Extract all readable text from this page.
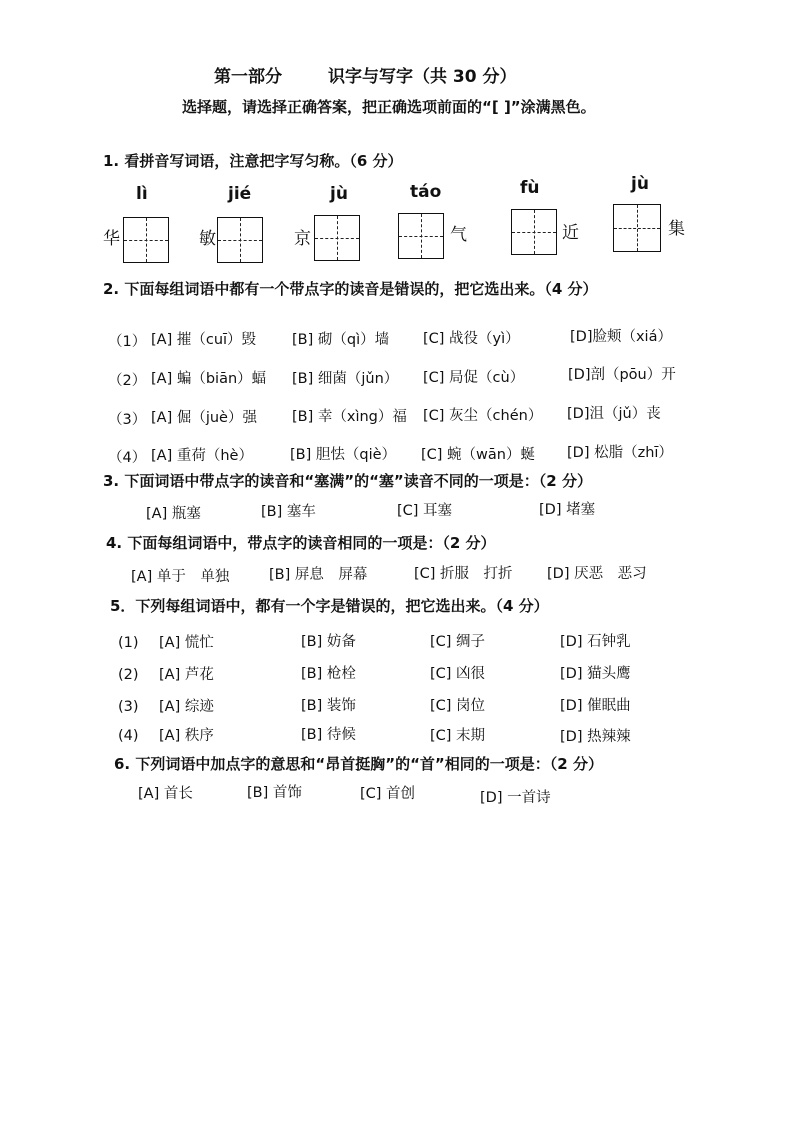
第一部分	识字与写字（共 30 分）
选择题，请选择正确答案，把正确选项前面的“[ ]”涂满黑色。
1. 看拼音写词语，注意把字写匀称。（6 分）
lì	jié	jù	táo	fù	jù
华	敏	京	气	近	集
2. 下面每组词语中都有一个带点字的读音是错误的，把它选出来。（4 分）
（1） [A] 摧（cuī）毁 [B] 砌（qì）墙 [C] 战役（yì）	[D]脸颊（xiá）
（2） [A] 蝙（biān）蝠 [B] 细菌（jǔn） [C] 局促（cù）	[D]剖（pōu）开
（3） [A] 倔（juè）强 [B] 幸（xìng）福 [C] 灰尘（chén） [D]沮（jǔ）丧
（4） [A] 重荷（hè）	[B] 胆怯（qiè） [C] 蜿（wān）蜒 [D] 松脂（zhī）
3. 下面词语中带点字的读音和“塞满”的“塞”读音不同的一项是：（2 分）
[A] 瓶塞	[B] 塞车	[C] 耳塞	[D] 堵塞
4. 下面每组词语中，带点字的读音相同的一项是：（2 分）
[A] 单于　单独	[B] 屏息　屏幕	[C] 折服　打折 [D] 厌恶　恶习
5．下列每组词语中，都有一个字是错误的，把它选出来。（4 分）
(1) [A] 慌忙	[B] 妨备	[C] 绸子	[D] 石钟乳
(2) [A] 芦花	[B] 枪栓	[C] 凶很	[D] 猫头鹰
(3) [A] 综迹	[B] 装饰	[C] 岗位	[D] 催眠曲
(4) [A] 秩序	[B] 待候	[C] 末期	[D] 热辣辣
6. 下列词语中加点字的意思和“昂首挺胸”的“首”相同的一项是：（2 分）
[A] 首长	[B] 首饰	[C] 首创	[D] 一首诗
